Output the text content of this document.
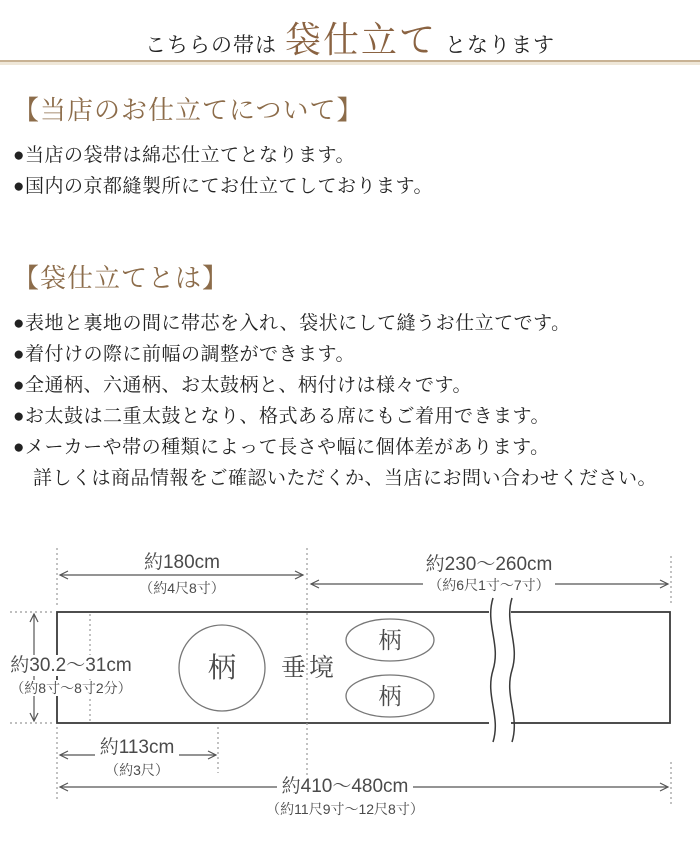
こちらの帯は 袋仕立て となります
【当店のお仕立てについて】

●当店の袋帯は綿芯仕立てとなります。

●国内の京都縫製所にてお仕立てしております。

【袋仕立てとは】

●表地と裏地の間に帯芯を入れ、袋状にして縫うお仕立てです。

●着付けの際に前幅の調整ができます。

●全通柄、六通柄、お太鼓柄と、柄付けは様々です。

●お太鼓は二重太鼓となり、格式ある席にもご着用できます。

●メーカーや帯の種類によって長さや幅に個体差があります。

詳しくは商品情報をご確認いただくか、当店にお問い合わせください。

約180cm
（約4尺8寸）
約230〜260cm
（約6尺1寸〜7寸）
約30.2〜31cm
（約8寸〜8寸2分）
約113cm
（約3尺）
約410〜480cm
（約11尺9寸〜12尺8寸）
柄	垂境
柄
柄
